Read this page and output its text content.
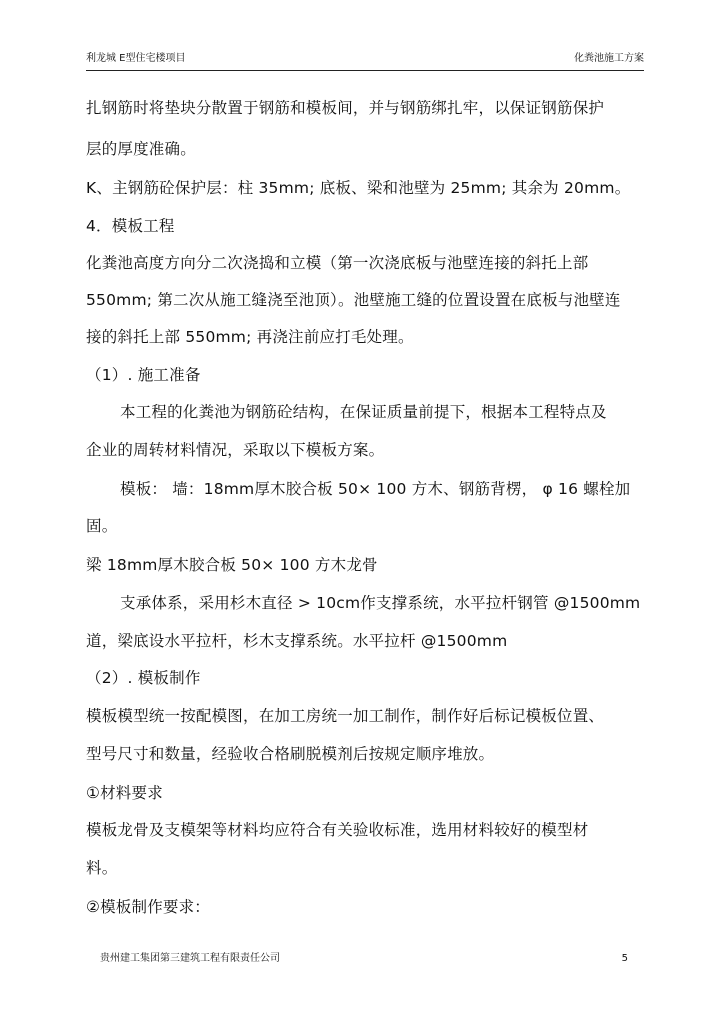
利龙城 E型住宅楼项目	化粪池施工方案
扎钢筋时将垫块分散置于钢筋和模板间，并与钢筋绑扎牢，以保证钢筋保护
层的厚度准确。
K、主钢筋砼保护层：柱 35mm; 底板、梁和池壁为 25mm; 其余为 20mm。
4．模板工程
化粪池高度方向分二次浇捣和立模（第一次浇底板与池壁连接的斜托上部
550mm; 第二次从施工缝浇至池顶）。池壁施工缝的位置设置在底板与池壁连
接的斜托上部 550mm; 再浇注前应打毛处理。
（1）. 施工准备
本工程的化粪池为钢筋砼结构，在保证质量前提下，根据本工程特点及
企业的周转材料情况，采取以下模板方案。
模板： 墙：18mm厚木胶合板 50× 100 方木、钢筋背楞， φ 16 螺栓加
固。
梁 18mm厚木胶合板 50× 100 方木龙骨
支承体系，采用杉木直径 > 10cm作支撑系统，水平拉杆钢管 @1500mm
道，梁底设水平拉杆，杉木支撑系统。水平拉杆 @1500mm
（2）. 模板制作
模板模型统一按配模图，在加工房统一加工制作，制作好后标记模板位置、
型号尺寸和数量，经验收合格刷脱模剂后按规定顺序堆放。
①材料要求
模板龙骨及支模架等材料均应符合有关验收标准，选用材料较好的模型材
料。
②模板制作要求：
贵州建工集团第三建筑工程有限责任公司	5
